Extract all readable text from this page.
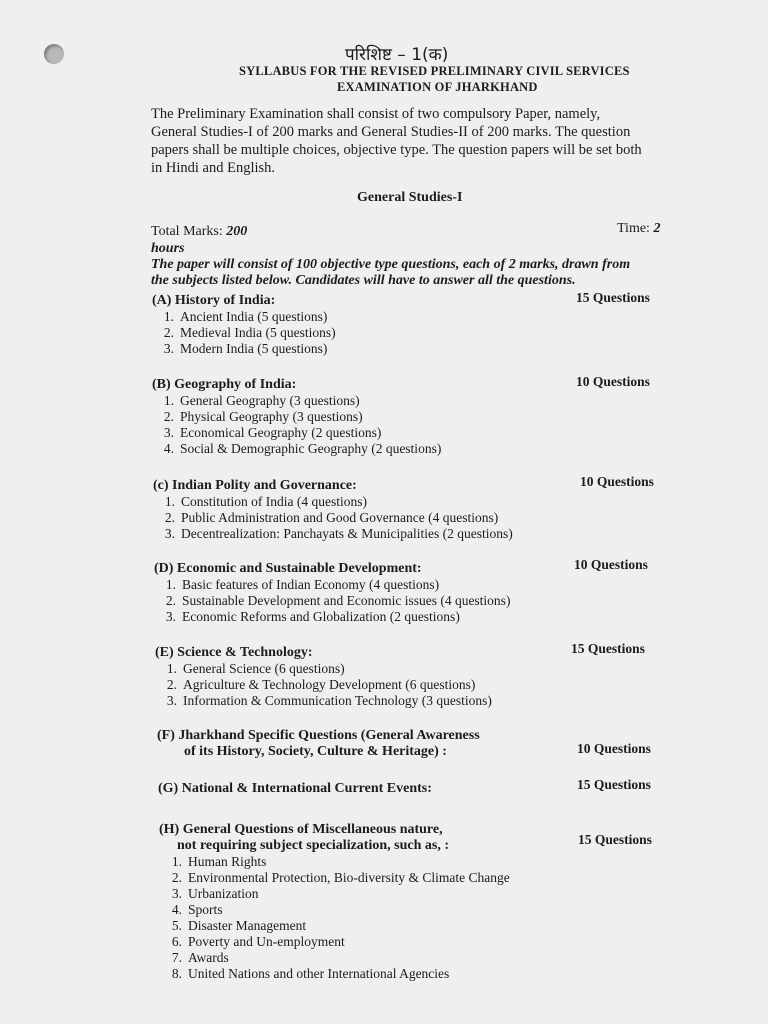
परिशिष्ट – 1(क)
SYLLABUS FOR THE REVISED PRELIMINARY CIVIL SERVICES
EXAMINATION OF JHARKHAND
The Preliminary Examination shall consist of two compulsory Paper, namely,
General Studies-I of 200 marks and General Studies-II of 200 marks. The question
papers shall be multiple choices, objective type. The question papers will be set both
in Hindi and English.
General Studies-I
Total Marks: 200	Time: 2
hours
The paper will consist of 100 objective type questions, each of 2 marks, drawn from
the subjects listed below. Candidates will have to answer all the questions.
(A) History of India:	15 Questions
1. Ancient India (5 questions)
2. Medieval India (5 questions)
3. Modern India (5 questions)
(B) Geography of India:	10 Questions
1. General Geography (3 questions)
2. Physical Geography (3 questions)
3. Economical Geography (2 questions)
4. Social & Demographic Geography (2 questions)
(c) Indian Polity and Governance:	10 Questions
1. Constitution of India (4 questions)
2. Public Administration and Good Governance (4 questions)
3. Decentrealization: Panchayats & Municipalities (2 questions)
(D) Economic and Sustainable Development:	10 Questions
1. Basic features of Indian Economy (4 questions)
2. Sustainable Development and Economic issues (4 questions)
3. Economic Reforms and Globalization (2 questions)
(E) Science & Technology:	15 Questions
1. General Science (6 questions)
2. Agriculture & Technology Development (6 questions)
3. Information & Communication Technology (3 questions)
(F) Jharkhand Specific Questions (General Awareness
of its History, Society, Culture & Heritage) :	10 Questions
(G) National & International Current Events:	15 Questions
(H) General Questions of Miscellaneous nature,
not requiring subject specialization, such as, :	15 Questions
1. Human Rights
2. Environmental Protection, Bio-diversity & Climate Change
3. Urbanization
4. Sports
5. Disaster Management
6. Poverty and Un-employment
7. Awards
8. United Nations and other International Agencies
